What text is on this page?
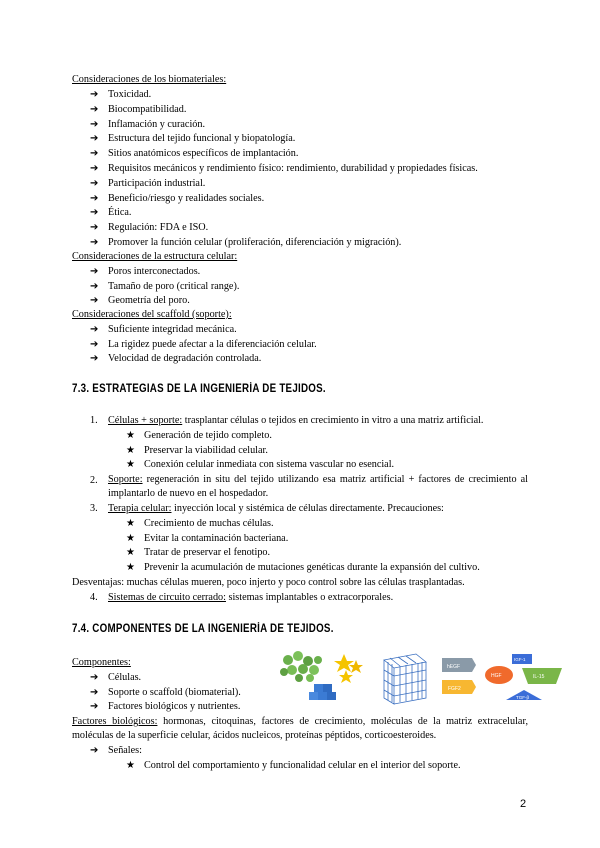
Consideraciones de los biomateriales:
➔ Toxicidad.
➔ Biocompatibilidad.
➔ Inflamación y curación.
➔ Estructura del tejido funcional y biopatología.
➔ Sitios anatómicos específicos de implantación.
➔ Requisitos mecánicos y rendimiento físico: rendimiento, durabilidad y propiedades físicas.
➔ Participación industrial.
➔ Beneficio/riesgo y realidades sociales.
➔ Ética.
➔ Regulación: FDA e ISO.
➔ Promover la función celular (proliferación, diferenciación y migración).
Consideraciones de la estructura celular:
➔ Poros interconectados.
➔ Tamaño de poro (critical range).
➔ Geometría del poro.
Consideraciones del scaffold (soporte):
➔ Suficiente integridad mecánica.
➔ La rigidez puede afectar a la diferenciación celular.
➔ Velocidad de degradación controlada.
7.3. ESTRATEGIAS DE LA INGENIERÍA DE TEJIDOS.
1. Células + soporte: trasplantar células o tejidos en crecimiento in vitro a una matriz artificial.
★ Generación de tejido completo.
★ Preservar la viabilidad celular.
★ Conexión celular inmediata con sistema vascular no esencial.
2. Soporte: regeneración in situ del tejido utilizando esa matriz artificial + factores de crecimiento al implantarlo de nuevo en el hospedador.
3. Terapia celular: inyección local y sistémica de células directamente. Precauciones:
★ Crecimiento de muchas células.
★ Evitar la contaminación bacteriana.
★ Tratar de preservar el fenotipo.
★ Prevenir la acumulación de mutaciones genéticas durante la expansión del cultivo.
Desventajas: muchas células mueren, poco injerto y poco control sobre las células trasplantadas.
4. Sistemas de circuito cerrado: sistemas implantables o extracorporales.
7.4. COMPONENTES DE LA INGENIERÍA DE TEJIDOS.
Componentes:
➔ Células.
➔ Soporte o scaffold (biomaterial).
➔ Factores biológicos y nutrientes.
hEGF
FGF2
HGF
IGF-1
IL-15
TGF-β
Factores biológicos: hormonas, citoquinas, factores de crecimiento, moléculas de la matriz extracelular, moléculas de la superficie celular, ácidos nucleicos, proteínas péptidos, corticoesteroides.
➔ Señales:
★ Control del comportamiento y funcionalidad celular en el interior del soporte.
2
